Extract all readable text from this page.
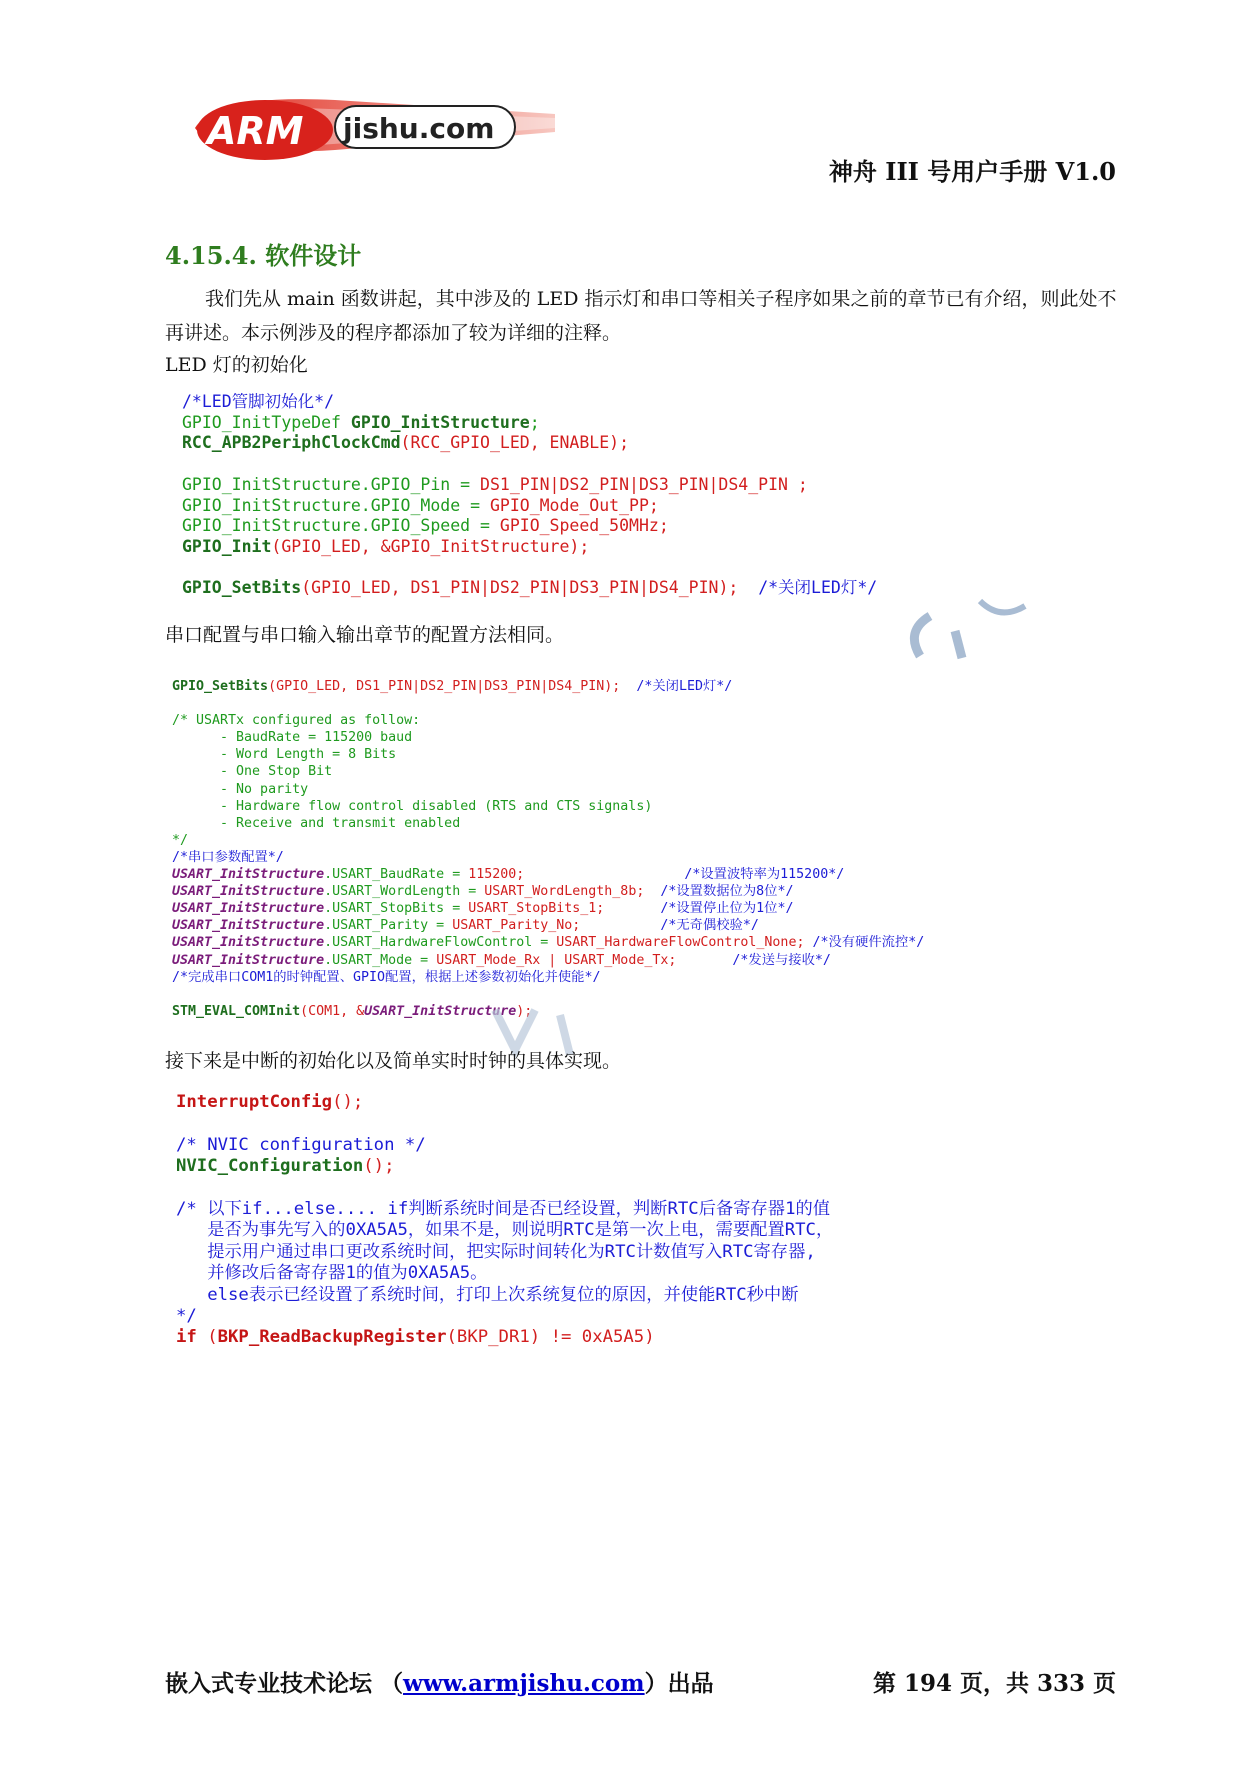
ARM jishu.com
神舟 III 号用户手册 V1.0
4.15.4. 软件设计
我们先从 main 函数讲起，其中涉及的 LED 指示灯和串口等相关子程序如果之前的章节已有介绍，则此处不再讲述。本示例涉及的程序都添加了较为详细的注释。
LED 灯的初始化
/*LED管脚初始化*/
GPIO_InitTypeDef GPIO_InitStructure;
RCC_APB2PeriphClockCmd(RCC_GPIO_LED, ENABLE);

GPIO_InitStructure.GPIO_Pin = DS1_PIN|DS2_PIN|DS3_PIN|DS4_PIN ;
GPIO_InitStructure.GPIO_Mode = GPIO_Mode_Out_PP;
GPIO_InitStructure.GPIO_Speed = GPIO_Speed_50MHz;
GPIO_Init(GPIO_LED, &GPIO_InitStructure);

GPIO_SetBits(GPIO_LED, DS1_PIN|DS2_PIN|DS3_PIN|DS4_PIN); /*关闭LED灯*/
串口配置与串口输入输出章节的配置方法相同。
GPIO_SetBits(GPIO_LED, DS1_PIN|DS2_PIN|DS3_PIN|DS4_PIN); /*关闭LED灯*/

/* USARTx configured as follow:
- BaudRate = 115200 baud
- Word Length = 8 Bits
- One Stop Bit
- No parity
- Hardware flow control disabled (RTS and CTS signals)
- Receive and transmit enabled
*/
/*串口参数配置*/
USART_InitStructure.USART_BaudRate = 115200;	/*设置波特率为115200*/
USART_InitStructure.USART_WordLength = USART_WordLength_8b; /*设置数据位为8位*/
USART_InitStructure.USART_StopBits = USART_StopBits_1;	/*设置停止位为1位*/
USART_InitStructure.USART_Parity = USART_Parity_No;	/*无奇偶校验*/
USART_InitStructure.USART_HardwareFlowControl = USART_HardwareFlowControl_None; /*没有硬件流控*/
USART_InitStructure.USART_Mode = USART_Mode_Rx | USART_Mode_Tx;	/*发送与接收*/
/*完成串口COM1的时钟配置、GPIO配置，根据上述参数初始化并使能*/

STM_EVAL_COMInit(COM1, &USART_InitStructure);
接下来是中断的初始化以及简单实时时钟的具体实现。
InterruptConfig();

/* NVIC configuration */
NVIC_Configuration();

/* 以下if...else.... if判断系统时间是否已经设置，判断RTC后备寄存器1的值
是否为事先写入的0XA5A5，如果不是，则说明RTC是第一次上电，需要配置RTC，
提示用户通过串口更改系统时间，把实际时间转化为RTC计数值写入RTC寄存器,
并修改后备寄存器1的值为0XA5A5。
else表示已经设置了系统时间，打印上次系统复位的原因，并使能RTC秒中断
*/
if (BKP_ReadBackupRegister(BKP_DR1) != 0xA5A5)
嵌入式专业技术论坛 （www.armjishu.com）出品	第 194 页，共 333 页
